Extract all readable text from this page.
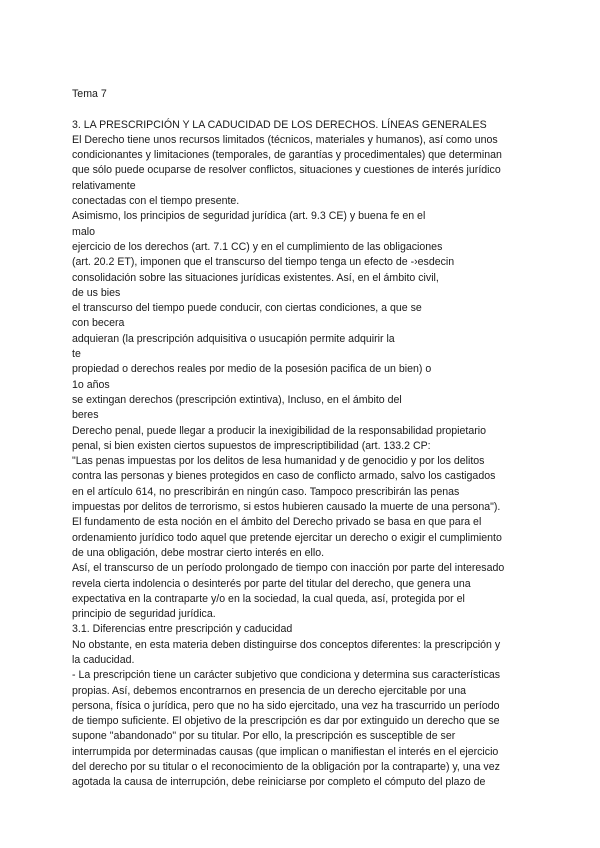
Tema 7
3. LA PRESCRIPCIÓN Y LA CADUCIDAD DE LOS DERECHOS. LÍNEAS GENERALES
El Derecho tiene unos recursos limitados (técnicos, materiales y humanos), así como unos
condicionantes y limitaciones (temporales, de garantías y procedimentales) que determinan
que sólo puede ocuparse de resolver conflictos, situaciones y cuestiones de interés jurídico
relativamente
conectadas con el tiempo presente.
Asimismo, los principios de seguridad jurídica (art. 9.3 CE) y buena fe en el
malo
ejercicio de los derechos (art. 7.1 CC) y en el cumplimiento de las obligaciones
(art. 20.2 ET), imponen que el transcurso del tiempo tenga un efecto de -›esdecin
consolidación sobre las situaciones jurídicas existentes. Así, en el ámbito civil,
de us bies
el transcurso del tiempo puede conducir, con ciertas condiciones, a que se
con becera
adquieran (la prescripción adquisitiva o usucapión permite adquirir la
te
propiedad o derechos reales por medio de la posesión pacifica de un bien) o
1o años
se extingan derechos (prescripción extintiva), Incluso, en el ámbito del
beres
Derecho penal, puede llegar a producir la inexigibilidad de la responsabilidad propietario
penal, si bien existen ciertos supuestos de imprescriptibilidad (art. 133.2 CP:
"Las penas impuestas por los delitos de lesa humanidad y de genocidio y por los delitos
contra las personas y bienes protegidos en caso de conflicto armado, salvo los castigados
en el artículo 614, no prescribirán en ningún caso. Tampoco prescribirán las penas
impuestas por delitos de terrorismo, si estos hubieren causado la muerte de una persona").
El fundamento de esta noción en el ámbito del Derecho privado se basa en que para el
ordenamiento jurídico todo aquel que pretende ejercitar un derecho o exigir el cumplimiento
de una obligación, debe mostrar cierto interés en ello.
Así, el transcurso de un período prolongado de tiempo con inacción por parte del interesado
revela cierta indolencia o desinterés por parte del titular del derecho, que genera una
expectativa en la contraparte y/o en la sociedad, la cual queda, así, protegida por el
principio de seguridad jurídica.
3.1. Diferencias entre prescripción y caducidad
No obstante, en esta materia deben distinguirse dos conceptos diferentes: la prescripción y
la caducidad.
- La prescripción tiene un carácter subjetivo que condiciona y determina sus características
propias. Así, debemos encontrarnos en presencia de un derecho ejercitable por una
persona, física o jurídica, pero que no ha sido ejercitado, una vez ha trascurrido un período
de tiempo suficiente. El objetivo de la prescripción es dar por extinguido un derecho que se
supone "abandonado" por su titular. Por ello, la prescripción es susceptible de ser
interrumpida por determinadas causas (que implican o manifiestan el interés en el ejercicio
del derecho por su titular o el reconocimiento de la obligación por la contraparte) y, una vez
agotada la causa de interrupción, debe reiniciarse por completo el cómputo del plazo de
